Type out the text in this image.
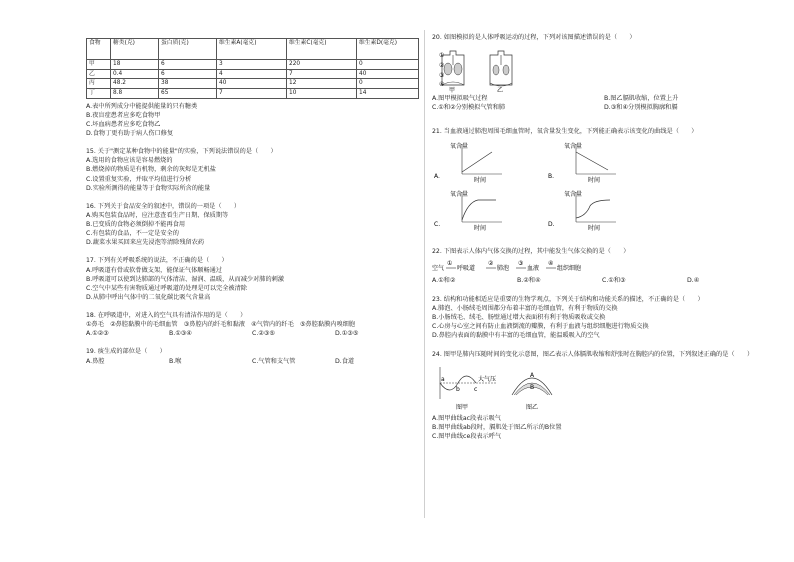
食物	糖类(克)	蛋白质(克)	维生素A(毫克)	维生素C(毫克)	维生素D(毫克)
甲	18	6	3	220	0
乙	0.4	6	4	7	40
丙	48.2	38	40	12	0
丁	8.8	65	7	10	14
A.表中所列成分中能提供能量的只有糖类
B.夜盲症患者应多吃食物甲
C.坏血病患者应多吃食物乙
D.食物丁更有助于病人伤口修复
15. 关于"测定某种食物中的能量"的实验，下列说法错误的是（　　）
A.选用的食物应该是容易燃烧的
B.燃烧掉的物质是有机物，剩余的灰烬是无机盐
C.设置重复实验，并取平均值进行分析
D.实验所测得的能量等于食物实际所含的能量
16. 下列关于食品安全的叙述中，错误的一项是（　　）
A.购买包装食品时，应注意查看生产日期、保质期等
B.已变质的食物必须倒掉不能再食用
C.有包装的食品，不一定是安全的
D.蔬菜水果买回来应先浸泡等清除残留农药
17. 下列有关呼吸系统的说法，不正确的是（　　）
A.呼吸道有骨或软骨做支架，能保证气体顺畅通过
B.呼吸道可以使到达肺部的气体清洁、湿润、温暖，从而减少对肺的刺激
C.空气中某些有害物质通过呼吸道的处理是可以完全被清除
D.从肺中呼出气体中的二氧化碳比吸气含量高
18. 在呼吸道中，对进入的空气具有清洁作用的是（　　）
①鼻毛　②鼻腔黏膜中的毛细血管　③鼻腔内的纤毛和黏液　④气管内的纤毛　⑤鼻腔黏膜内嗅细胞
A.①②③	B.①③④	C.②③⑤	D.①③⑤
19. 痰生成的部位是（　　）
A.鼻腔	B.喉	C.气管和支气管	D.食道
20. 如图模拟的是人体呼吸运动的过程，下列对该图描述错误的是（　　）
①
②
③
④
甲	乙
A.图甲模拟吸气过程	B.图乙膈肌收缩，位置上升
C.①和②分别模拟气管和肺	D.③和④分别模拟胸廓和膈
21. 当血液通过肺泡周围毛细血管时，氧含量发生变化，下列能正确表示该变化的曲线是（　　）
A.
氧含量
时间
B.
氧含量
时间
C.
氧含量
时间
D.
氧含量
时间
22. 下图表示人体内气体交换的过程，其中能发生气体交换的是（　　）
空气
①
呼吸道
②
肺泡
③
血液
④
组织细胞
A.①和②	B.②和④	C.①和③	D.④
23. 结构和功能相适应是重要的生物学观点，下列关于结构和功能关系的描述，不正确的是（　　）
A.肺泡、小肠绒毛周围都分布着丰富的毛细血管，有利于物质的交换
B.小肠绒毛、绒毛、肠壁通过增大表面积有利于物质吸收或交换
C.心房与心室之间有防止血液倒流的瓣膜，有利于血液与组织细胞进行物质交换
D.鼻腔内表面的黏膜中有丰富的毛细血管，能温暖吸入的空气
24. 图甲是肺内压随时间的变化示意图，图乙表示人体膈肌收缩和舒张时在胸腔内的位置，下列叙述正确的是（　　）
大气压
a
b c
图甲
A
B
图乙
A.图甲曲线ac段表示吸气
B.图甲曲线ab段时，膈肌处于图乙所示的B位置
C.图甲曲线ce段表示呼气
